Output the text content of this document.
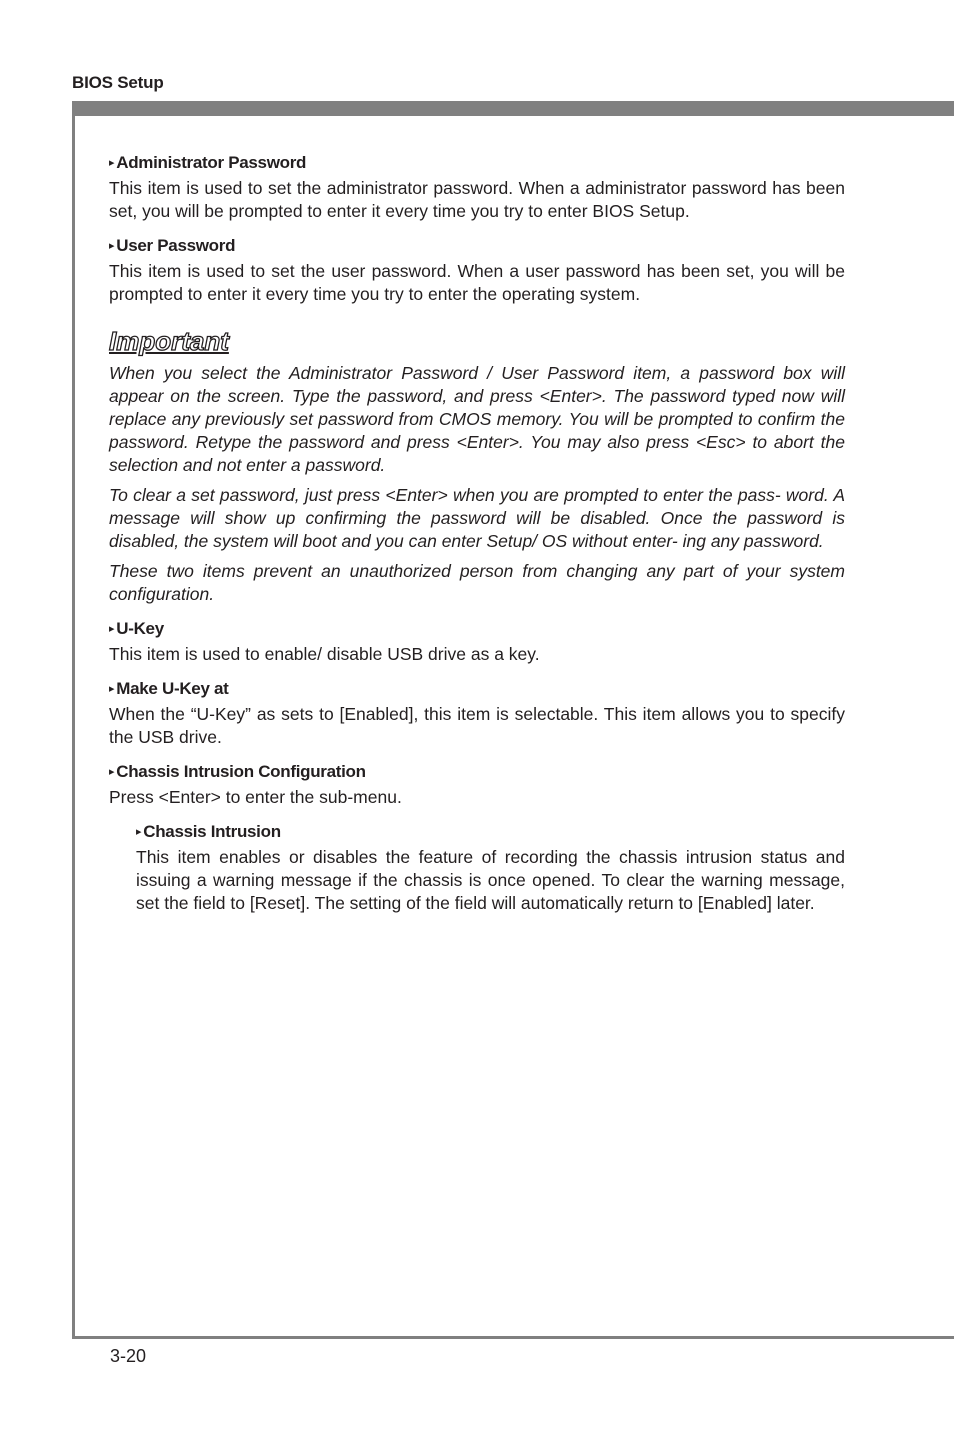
BIOS Setup
▸ Administrator Password

This item is used to set the administrator password. When a administrator password has been set, you will be prompted to enter it every time you try to enter BIOS Setup.

▸ User Password

This item is used to set the user password. When a user password has been set, you will be prompted to enter it every time you try to enter the operating system.

Important

When you select the Administrator Password / User Password item, a password box will appear on the screen. Type the password, and press <Enter>. The password typed now will replace any previously set password from CMOS memory. You will be prompted to confirm the password. Retype the password and press <Enter>. You may also press <Esc> to abort the selection and not enter a password.

To clear a set password, just press <Enter> when you are prompted to enter the pass- word. A message will show up confirming the password will be disabled. Once the password is disabled, the system will boot and you can enter Setup/ OS without enter- ing any password.

These two items prevent an unauthorized person from changing any part of your system configuration.

▸ U-Key

This item is used to enable/ disable USB drive as a key.

▸ Make U-Key at

When the “U-Key” as sets to [Enabled], this item is selectable. This item allows you to specify the USB drive.

▸ Chassis Intrusion Configuration

Press <Enter> to enter the sub-menu.

▸ Chassis Intrusion

This item enables or disables the feature of recording the chassis intrusion status and issuing a warning message if the chassis is once opened. To clear the warning message, set the field to [Reset]. The setting of the field will automatically return to [Enabled] later.

3-20
